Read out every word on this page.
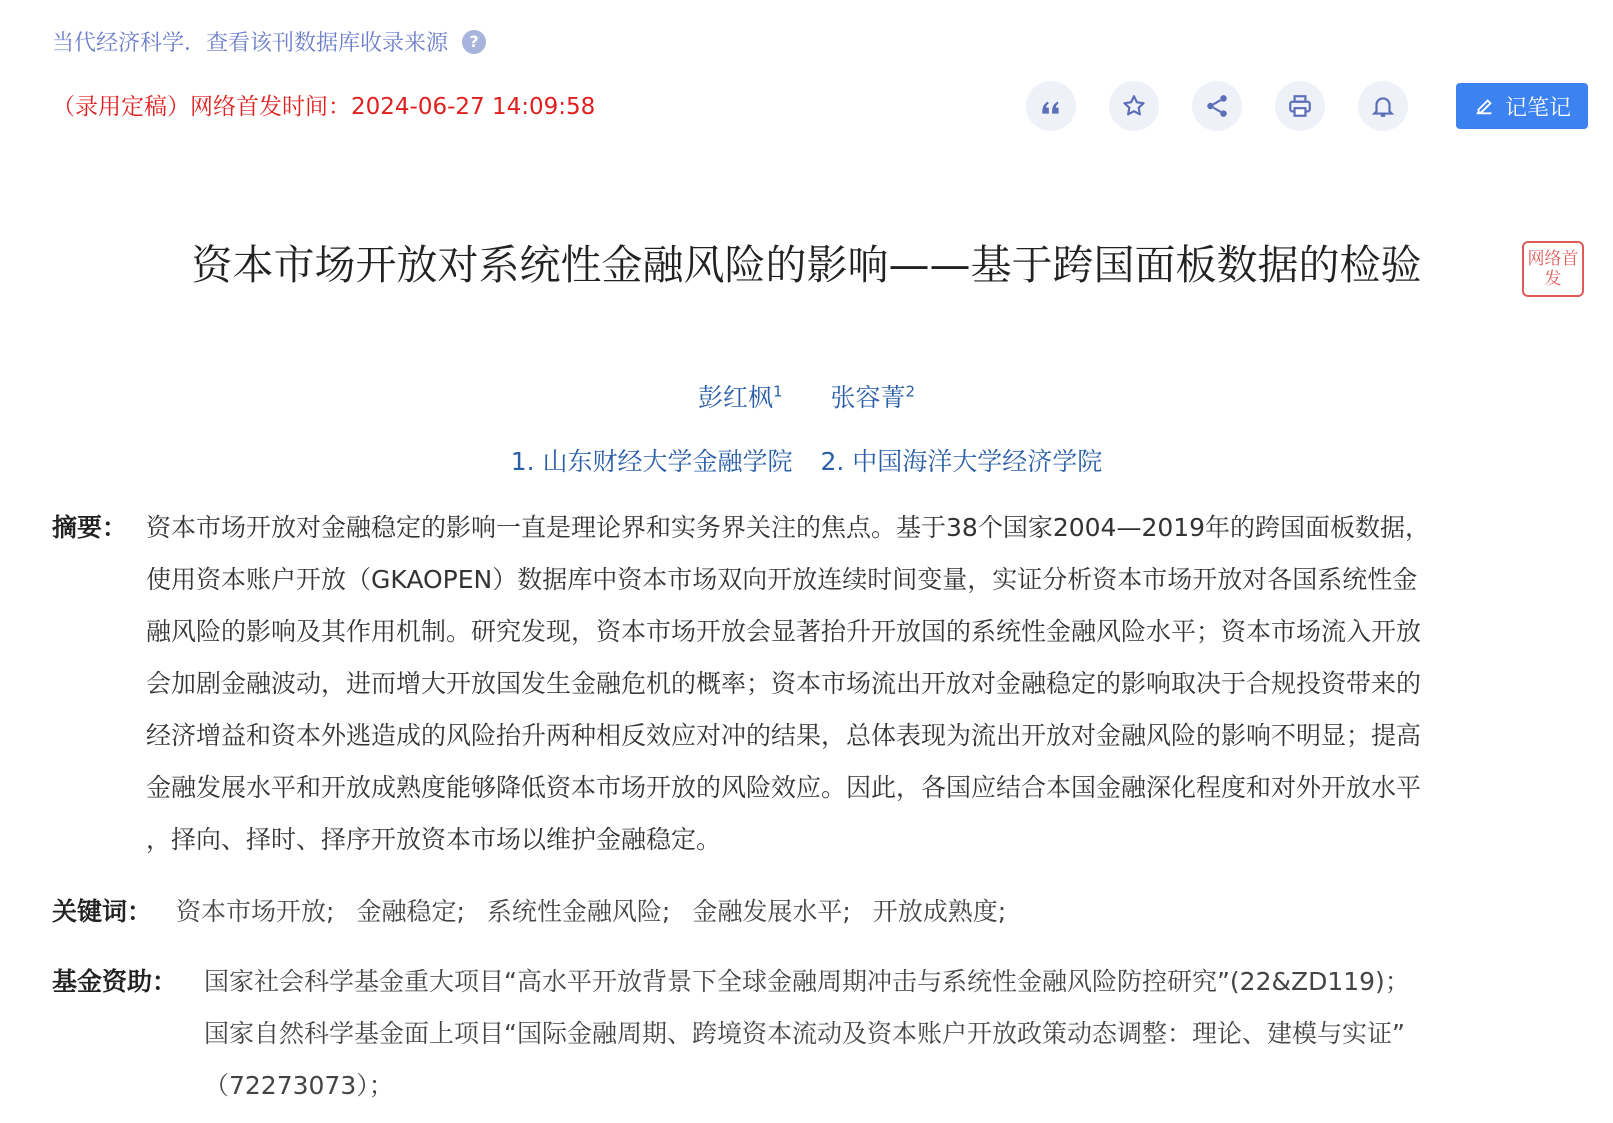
当代经济科学．查看该刊数据库收录来源	?
（录用定稿）网络首发时间：2024-06-27 14:09:58	记笔记
资本市场开放对系统性金融风险的影响——基于跨国面板数据的检验	网络首发
彭红枫$^1$ 张容菁$^2$
1. 山东财经大学金融学院 2. 中国海洋大学经济学院
摘要： 资本市场开放对金融稳定的影响一直是理论界和实务界关注的焦点。基于38个国家2004—2019年的跨国面板数据，
使用资本账户开放（GKAOPEN）数据库中资本市场双向开放连续时间变量，实证分析资本市场开放对各国系统性金
融风险的影响及其作用机制。研究发现，资本市场开放会显著抬升开放国的系统性金融风险水平；资本市场流入开放
会加剧金融波动，进而增大开放国发生金融危机的概率；资本市场流出开放对金融稳定的影响取决于合规投资带来的
经济增益和资本外逃造成的风险抬升两种相反效应对冲的结果，总体表现为流出开放对金融风险的影响不明显；提高
金融发展水平和开放成熟度能够降低资本市场开放的风险效应。因此，各国应结合本国金融深化程度和对外开放水平
，择向、择时、择序开放资本市场以维护金融稳定。
关键词： 资本市场开放; 金融稳定; 系统性金融风险; 金融发展水平; 开放成熟度;
基金资助： 国家社会科学基金重大项目“高水平开放背景下全球金融周期冲击与系统性金融风险防控研究”(22&ZD119)；
国家自然科学基金面上项目“国际金融周期、跨境资本流动及资本账户开放政策动态调整：理论、建模与实证”
（72273073）；
